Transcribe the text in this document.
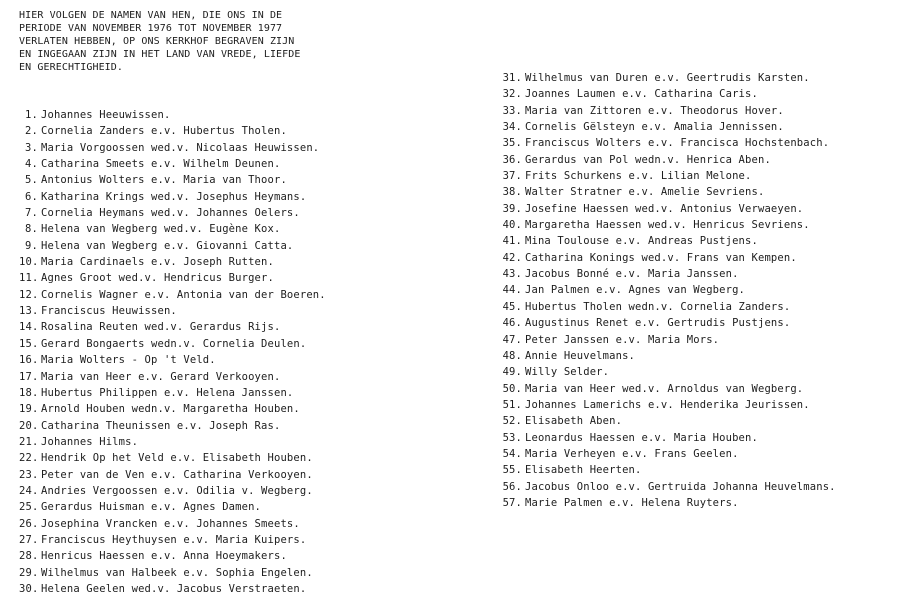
HIER VOLGEN DE NAMEN VAN HEN, DIE ONS IN DE
PERIODE VAN NOVEMBER 1976 TOT NOVEMBER 1977
VERLATEN HEBBEN, OP ONS KERKHOF BEGRAVEN ZIJN
EN INGEGAAN ZIJN IN HET LAND VAN VREDE, LIEFDE
EN GERECHTIGHEID.
1. Johannes Heeuwissen.
2. Cornelia Zanders e.v. Hubertus Tholen.
3. Maria Vorgoossen wed.v. Nicolaas Heuwissen.
4. Catharina Smeets e.v. Wilhelm Deunen.
5. Antonius Wolters e.v. Maria van Thoor.
6. Katharina Krings wed.v. Josephus Heymans.
7. Cornelia Heymans wed.v. Johannes Oelers.
8. Helena van Wegberg wed.v. Eugène Kox.
9. Helena van Wegberg e.v. Giovanni Catta.
10. Maria Cardinaels e.v. Joseph Rutten.
11. Agnes Groot wed.v. Hendricus Burger.
12. Cornelis Wagner e.v. Antonia van der Boeren.
13. Franciscus Heuwissen.
14. Rosalina Reuten wed.v. Gerardus Rijs.
15. Gerard Bongaerts wedn.v. Cornelia Deulen.
16. Maria Wolters - Op 't Veld.
17. Maria van Heer e.v. Gerard Verkooyen.
18. Hubertus Philippen e.v. Helena Janssen.
19. Arnold Houben wedn.v. Margaretha Houben.
20. Catharina Theunissen e.v. Joseph Ras.
21. Johannes Hilms.
22. Hendrik Op het Veld e.v. Elisabeth Houben.
23. Peter van de Ven e.v. Catharina Verkooyen.
24. Andries Vergoossen e.v. Odilia v. Wegberg.
25. Gerardus Huisman e.v. Agnes Damen.
26. Josephina Vrancken e.v. Johannes Smeets.
27. Franciscus Heythuysen e.v. Maria Kuipers.
28. Henricus Haessen e.v. Anna Hoeymakers.
29. Wilhelmus van Halbeek e.v. Sophia Engelen.
30. Helena Geelen wed.v. Jacobus Verstraeten.
31. Wilhelmus van Duren e.v. Geertrudis Karsten.
32. Joannes Laumen e.v. Catharina Caris.
33. Maria van Zittoren e.v. Theodorus Hover.
34. Cornelis Gëlsteyn e.v. Amalia Jennissen.
35. Franciscus Wolters e.v. Francisca Hochstenbach.
36. Gerardus van Pol wedn.v. Henrica Aben.
37. Frits Schurkens e.v. Lilian Melone.
38. Walter Stratner e.v. Amelie Sevriens.
39. Josefine Haessen wed.v. Antonius Verwaeyen.
40. Margaretha Haessen wed.v. Henricus Sevriens.
41. Mina Toulouse e.v. Andreas Pustjens.
42. Catharina Konings wed.v. Frans van Kempen.
43. Jacobus Bonné e.v. Maria Janssen.
44. Jan Palmen e.v. Agnes van Wegberg.
45. Hubertus Tholen wedn.v. Cornelia Zanders.
46. Augustinus Renet e.v. Gertrudis Pustjens.
47. Peter Janssen e.v. Maria Mors.
48. Annie Heuvelmans.
49. Willy Selder.
50. Maria van Heer wed.v. Arnoldus van Wegberg.
51. Johannes Lamerichs e.v. Henderika Jeurissen.
52. Elisabeth Aben.
53. Leonardus Haessen e.v. Maria Houben.
54. Maria Verheyen e.v. Frans Geelen.
55. Elisabeth Heerten.
56. Jacobus Onloo e.v. Gertruida Johanna Heuvelmans.
57. Marie Palmen e.v. Helena Ruyters.
